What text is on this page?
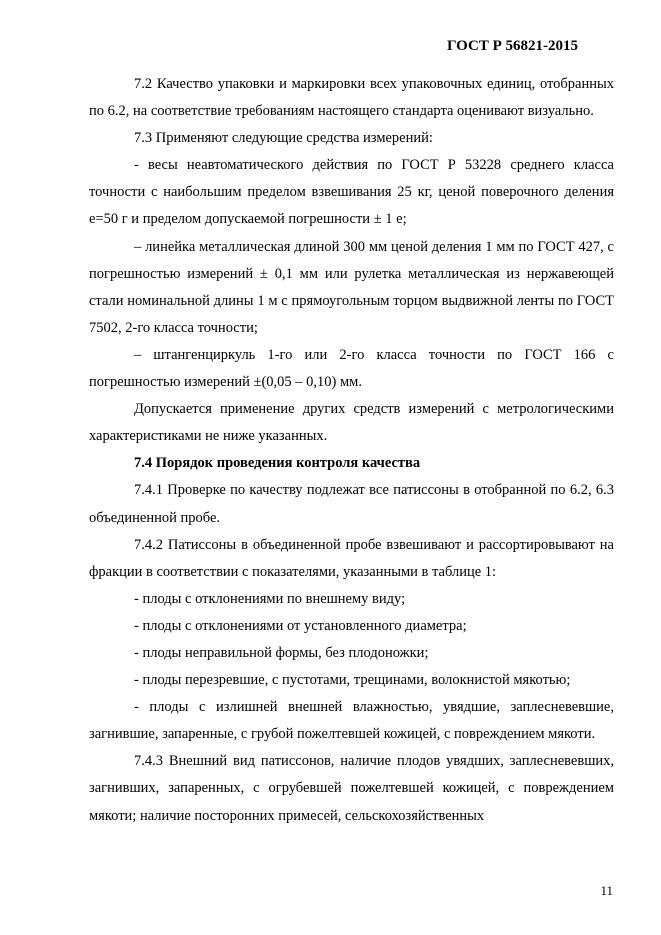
ГОСТ Р 56821-2015

7.2 Качество упаковки и маркировки всех упаковочных единиц, отобранных по 6.2, на соответствие требованиям настоящего стандарта оценивают визуально.

7.3 Применяют следующие средства измерений:

- весы неавтоматического действия по ГОСТ Р 53228 среднего класса точности с наибольшим пределом взвешивания 25 кг, ценой поверочного деления е=50 г и пределом допускаемой погрешности ± 1 е;

– линейка металлическая длиной 300 мм ценой деления 1 мм по ГОСТ 427, с погрешностью измерений ± 0,1 мм или рулетка металлическая из нержавеющей стали номинальной длины 1 м с прямоугольным торцом выдвижной ленты по ГОСТ 7502, 2-го класса точности;

– штангенциркуль 1-го или 2-го класса точности по ГОСТ 166 с погрешностью измерений ±(0,05 – 0,10) мм.

Допускается применение других средств измерений с метрологическими характеристиками не ниже указанных.

7.4 Порядок проведения контроля качества

7.4.1 Проверке по качеству подлежат все патиссоны в отобранной по 6.2, 6.3 объединенной пробе.

7.4.2 Патиссоны в объединенной пробе взвешивают и рассортировывают на фракции в соответствии с показателями, указанными в таблице 1:

- плоды с отклонениями по внешнему виду;

- плоды с отклонениями от установленного диаметра;

- плоды неправильной формы, без плодоножки;

- плоды перезревшие, с пустотами, трещинами, волокнистой мякотью;

- плоды с излишней внешней влажностью, увядшие, заплесневевшие, загнившие, запаренные, с грубой пожелтевшей кожицей, с повреждением мякоти.

7.4.3 Внешний вид патиссонов, наличие плодов увядших, заплесневевших, загнивших, запаренных, с огрубевшей пожелтевшей кожицей, с повреждением мякоти; наличие посторонних примесей, сельскохозяйственных

11
